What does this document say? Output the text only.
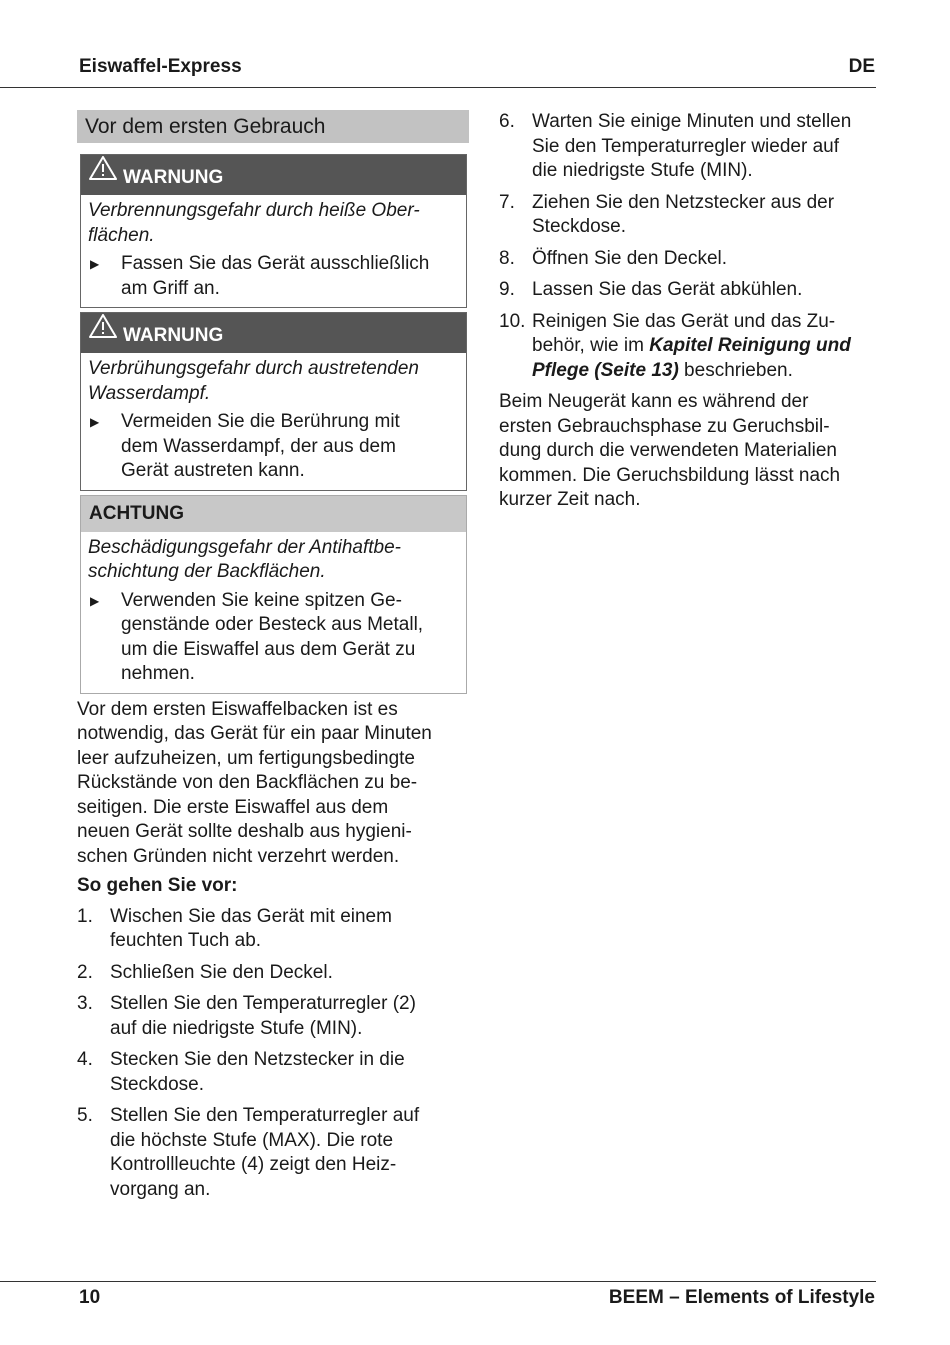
Eiswaffel-Express	DE
Vor dem ersten Gebrauch
WARNUNG
Verbrennungsgefahr durch heiße Ober-
flächen.
▶	Fassen Sie das Gerät ausschließlich
am Griff an.
WARNUNG
Verbrühungsgefahr durch austretenden
Wasserdampf.
▶	Vermeiden Sie die Berührung mit
dem Wasserdampf, der aus dem
Gerät austreten kann.
ACHTUNG
Beschädigungsgefahr der Antihaftbe-
schichtung der Backflächen.
▶	Verwenden Sie keine spitzen Ge-
genstände oder Besteck aus Metall,
um die Eiswaffel aus dem Gerät zu
nehmen.
Vor dem ersten Eiswaffelbacken ist es
notwendig, das Gerät für ein paar Minuten
leer aufzuheizen, um fertigungsbedingte
Rückstände von den Backflächen zu be-
seitigen. Die erste Eiswaffel aus dem
neuen Gerät sollte deshalb aus hygieni-
schen Gründen nicht verzehrt werden.
So gehen Sie vor:
1. Wischen Sie das Gerät mit einem
feuchten Tuch ab.
2. Schließen Sie den Deckel.
3. Stellen Sie den Temperaturregler (2)
auf die niedrigste Stufe (MIN).
4. Stecken Sie den Netzstecker in die
Steckdose.
5. Stellen Sie den Temperaturregler auf
die höchste Stufe (MAX). Die rote
Kontrollleuchte (4) zeigt den Heiz-
vorgang an.
6. Warten Sie einige Minuten und stellen
Sie den Temperaturregler wieder auf
die niedrigste Stufe (MIN).
7. Ziehen Sie den Netzstecker aus der
Steckdose.
8. Öffnen Sie den Deckel.
9. Lassen Sie das Gerät abkühlen.
10. Reinigen Sie das Gerät und das Zu-
behör, wie im Kapitel Reinigung und
Pflege (Seite 13) beschrieben.
Beim Neugerät kann es während der
ersten Gebrauchsphase zu Geruchsbil-
dung durch die verwendeten Materialien
kommen. Die Geruchsbildung lässt nach
kurzer Zeit nach.
10	BEEM – Elements of Lifestyle
